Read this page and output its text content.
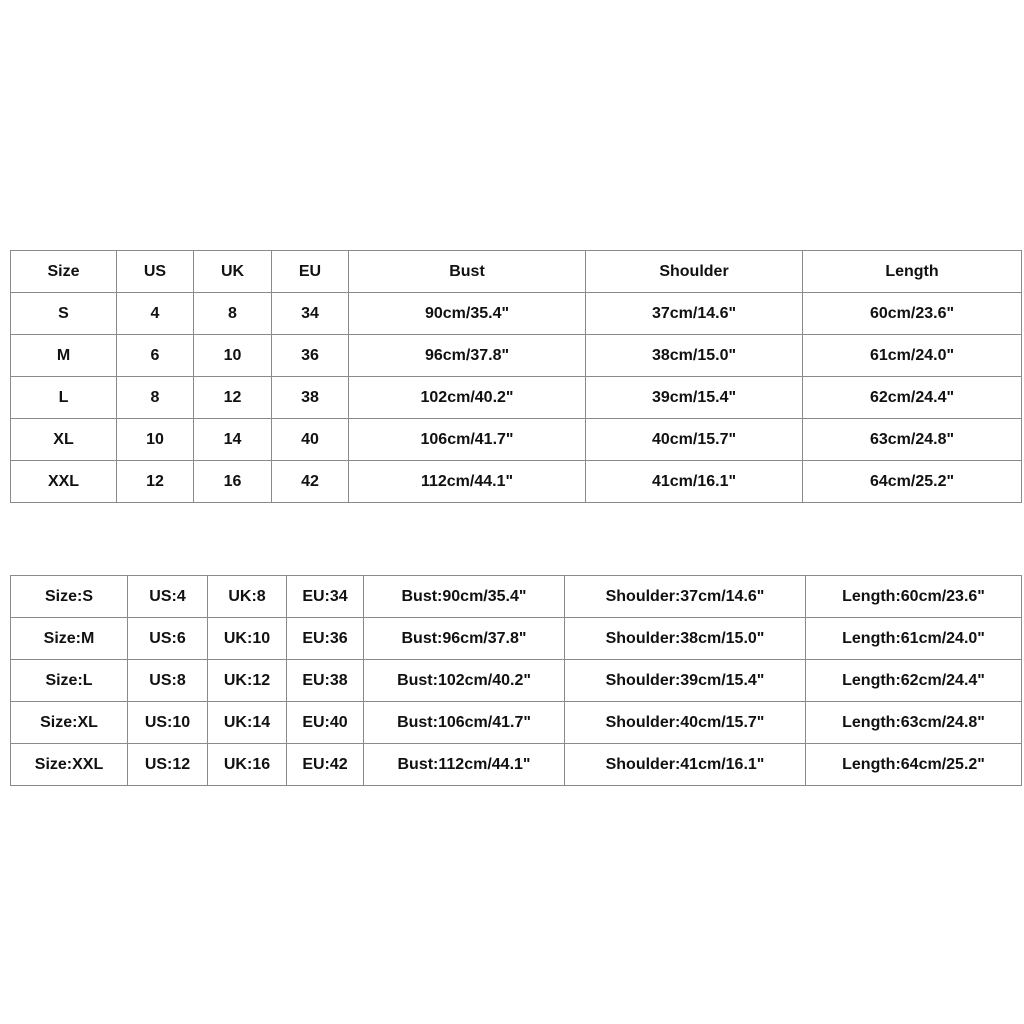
Size	US	UK	EU	Bust	Shoulder	Length
S	4	8	34	90cm/35.4"	37cm/14.6"	60cm/23.6"
M	6	10	36	96cm/37.8"	38cm/15.0"	61cm/24.0"
L	8	12	38	102cm/40.2"	39cm/15.4"	62cm/24.4"
XL	10	14	40	106cm/41.7"	40cm/15.7"	63cm/24.8"
XXL	12	16	42	112cm/44.1"	41cm/16.1"	64cm/25.2"
Size:S	US:4	UK:8	EU:34	Bust:90cm/35.4"	Shoulder:37cm/14.6"	Length:60cm/23.6"
Size:M	US:6	UK:10	EU:36	Bust:96cm/37.8"	Shoulder:38cm/15.0"	Length:61cm/24.0"
Size:L	US:8	UK:12	EU:38	Bust:102cm/40.2"	Shoulder:39cm/15.4"	Length:62cm/24.4"
Size:XL	US:10	UK:14	EU:40	Bust:106cm/41.7"	Shoulder:40cm/15.7"	Length:63cm/24.8"
Size:XXL	US:12	UK:16	EU:42	Bust:112cm/44.1"	Shoulder:41cm/16.1"	Length:64cm/25.2"
